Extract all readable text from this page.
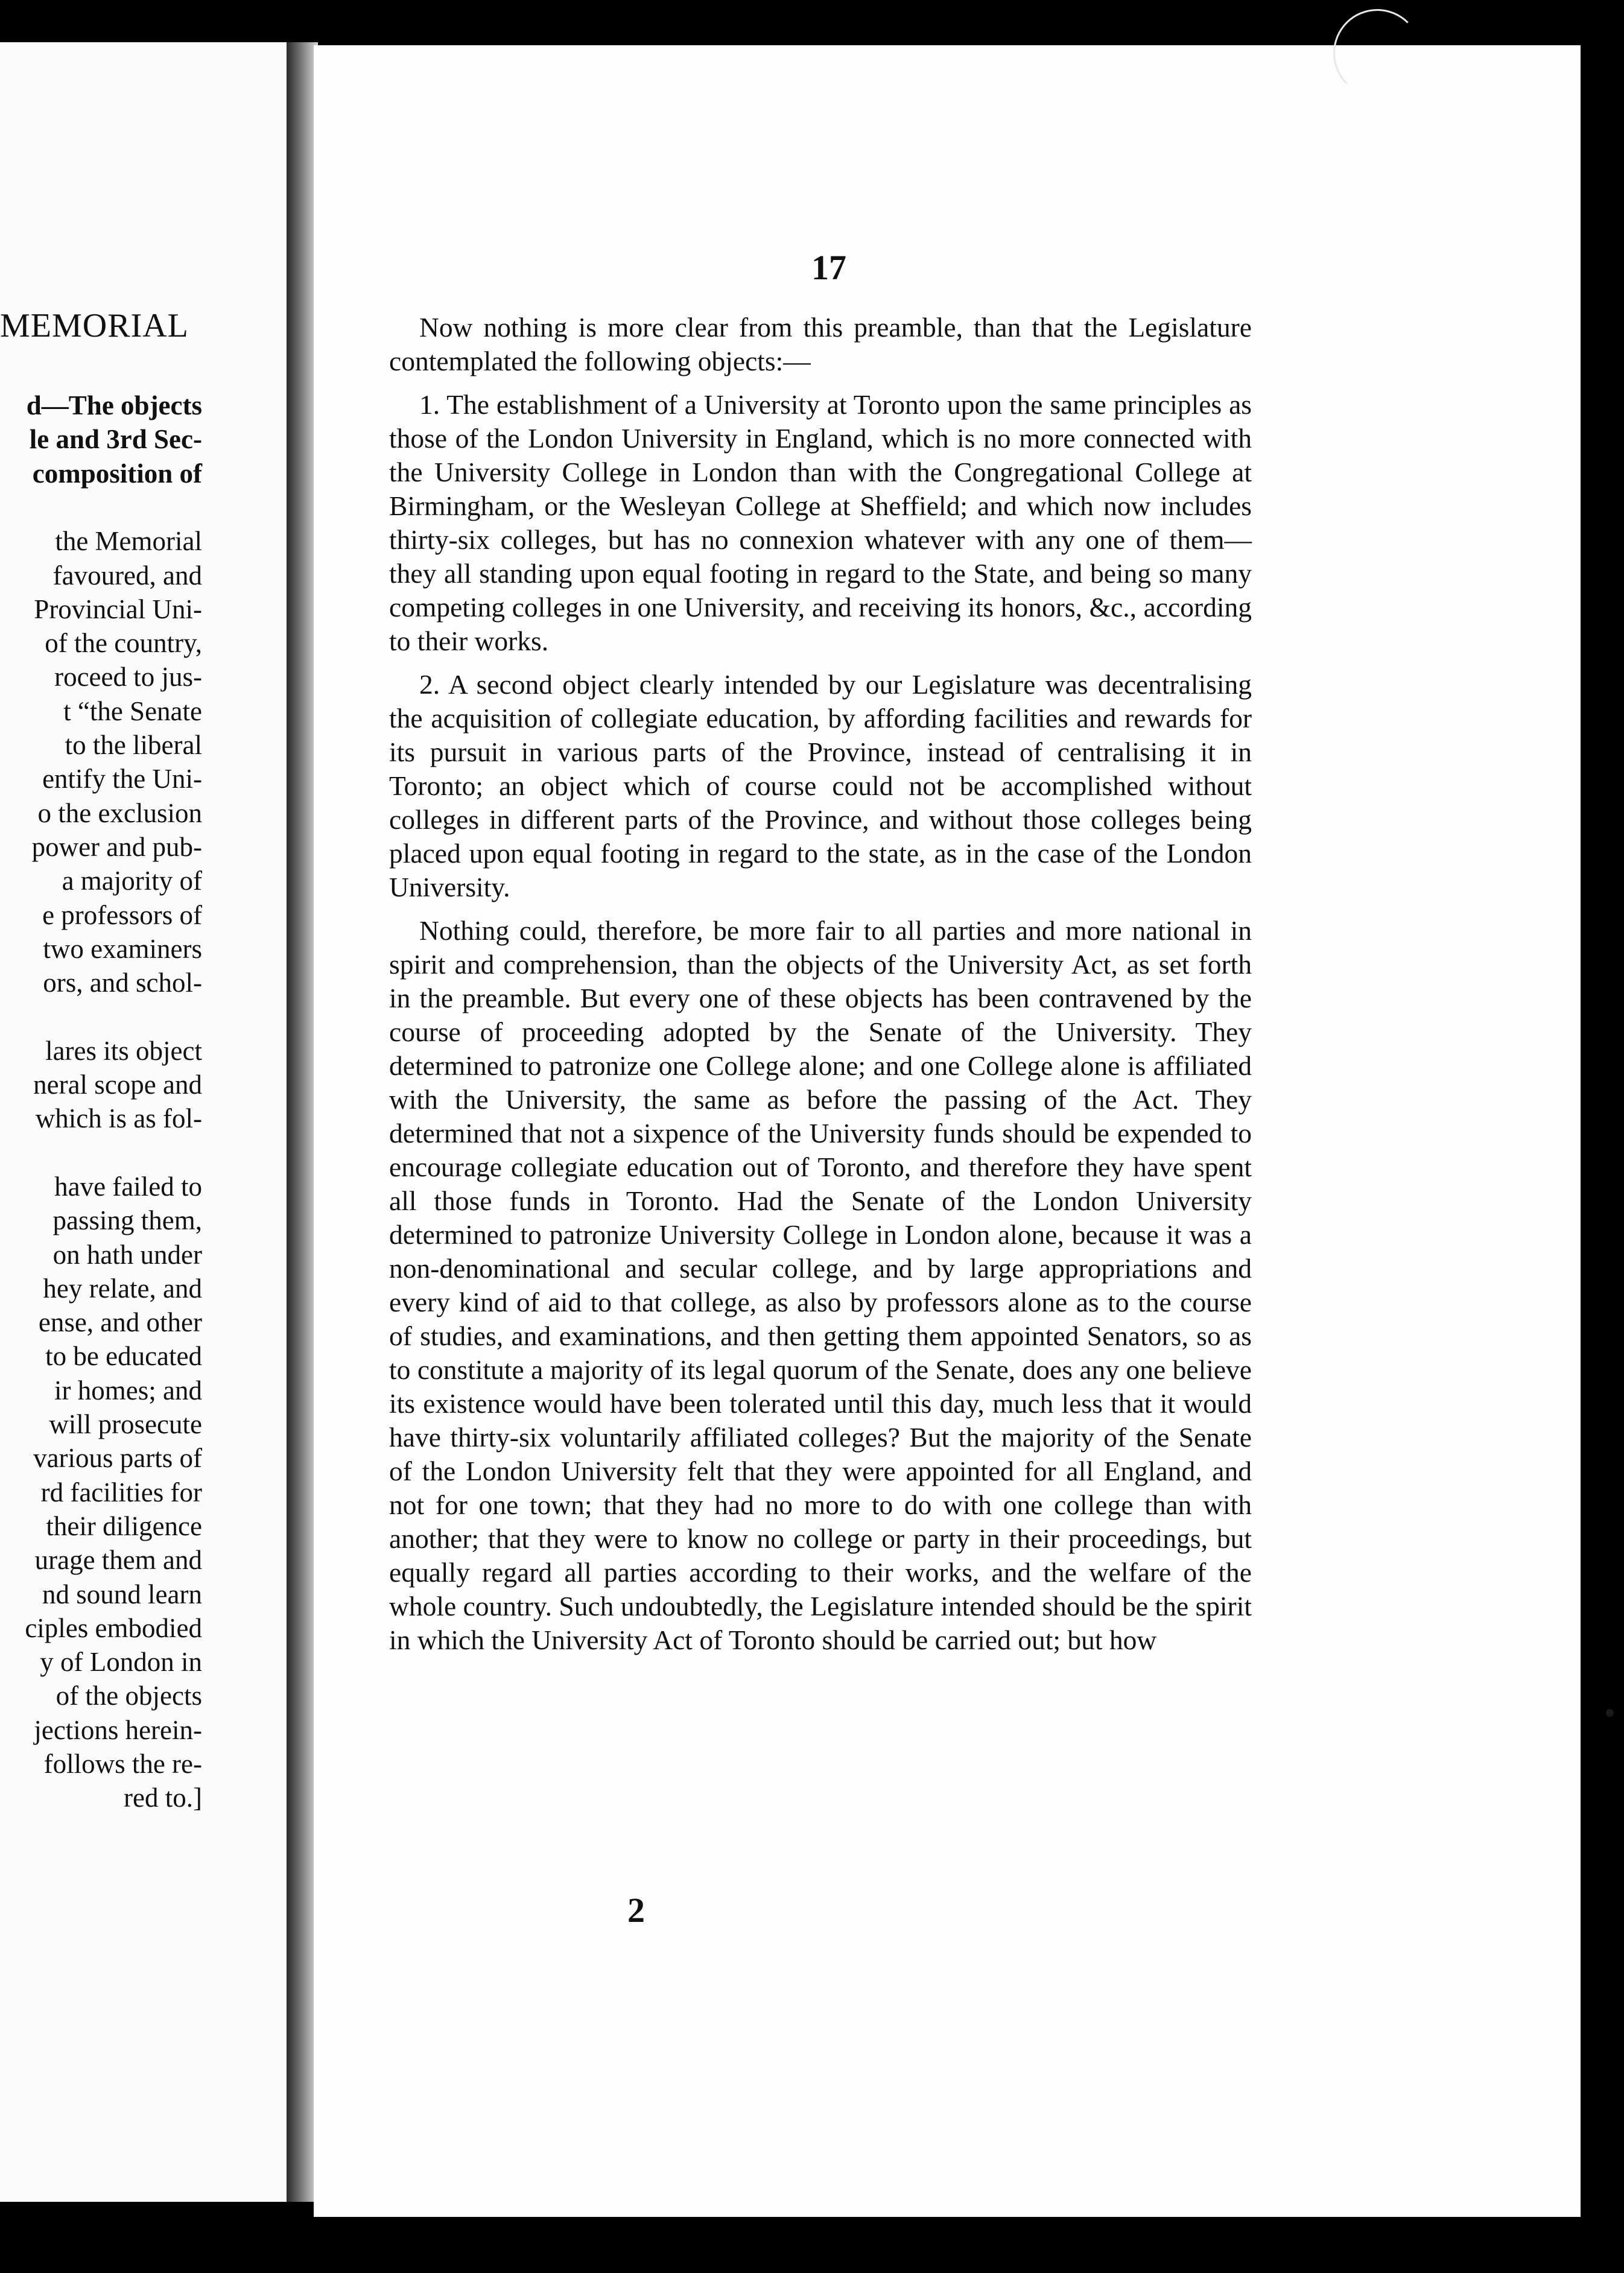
MEMORIAL
d—The objects
le and 3rd Sec-
composition of
the Memorial
favoured, and
Provincial Uni-
of the country,
roceed to jus-
t “the Senate
to the liberal
entify the Uni-
o the exclusion
power and pub-
a majority of
e professors of
two examiners
ors, and schol-
lares its object
neral scope and
which is as fol-
have failed to
passing them,
on hath under
hey relate, and
ense, and other
to be educated
ir homes; and
will prosecute
various parts of
rd facilities for
their diligence
urage them and
nd sound learn
ciples embodied
y of London in
of the objects
jections herein-
follows the re-
red to.]
17

Now nothing is more clear from this preamble, than that the Legislature contemplated the following objects:—

1. The establishment of a University at Toronto upon the same principles as those of the London University in England, which is no more connected with the University College in London than with the Congregational College at Birmingham, or the Wesleyan College at Sheffield; and which now includes thirty-six colleges, but has no connexion whatever with any one of them—they all standing upon equal footing in regard to the State, and being so many competing colleges in one University, and receiving its honors, &c., according to their works.

2. A second object clearly intended by our Legislature was decentralising the acquisition of collegiate education, by affording facilities and rewards for its pursuit in various parts of the Province, instead of centralising it in Toronto; an object which of course could not be accomplished without colleges in different parts of the Province, and without those colleges being placed upon equal footing in regard to the state, as in the case of the London University.

Nothing could, therefore, be more fair to all parties and more national in spirit and comprehension, than the objects of the University Act, as set forth in the preamble. But every one of these objects has been contravened by the course of proceeding adopted by the Senate of the University. They determined to patronize one College alone; and one College alone is affiliated with the University, the same as before the passing of the Act. They determined that not a sixpence of the University funds should be expended to encourage collegiate education out of Toronto, and therefore they have spent all those funds in Toronto. Had the Senate of the London University determined to patronize University College in London alone, because it was a non-denominational and secular college, and by large appropriations and every kind of aid to that college, as also by professors alone as to the course of studies, and examinations, and then getting them appointed Senators, so as to constitute a majority of its legal quorum of the Senate, does any one believe its existence would have been tolerated until this day, much less that it would have thirty-six voluntarily affiliated colleges? But the majority of the Senate of the London University felt that they were appointed for all England, and not for one town; that they had no more to do with one college than with another; that they were to know no college or party in their proceedings, but equally regard all parties according to their works, and the welfare of the whole country. Such undoubtedly, the Legislature intended should be the spirit in which the University Act of Toronto should be carried out; but how

2
